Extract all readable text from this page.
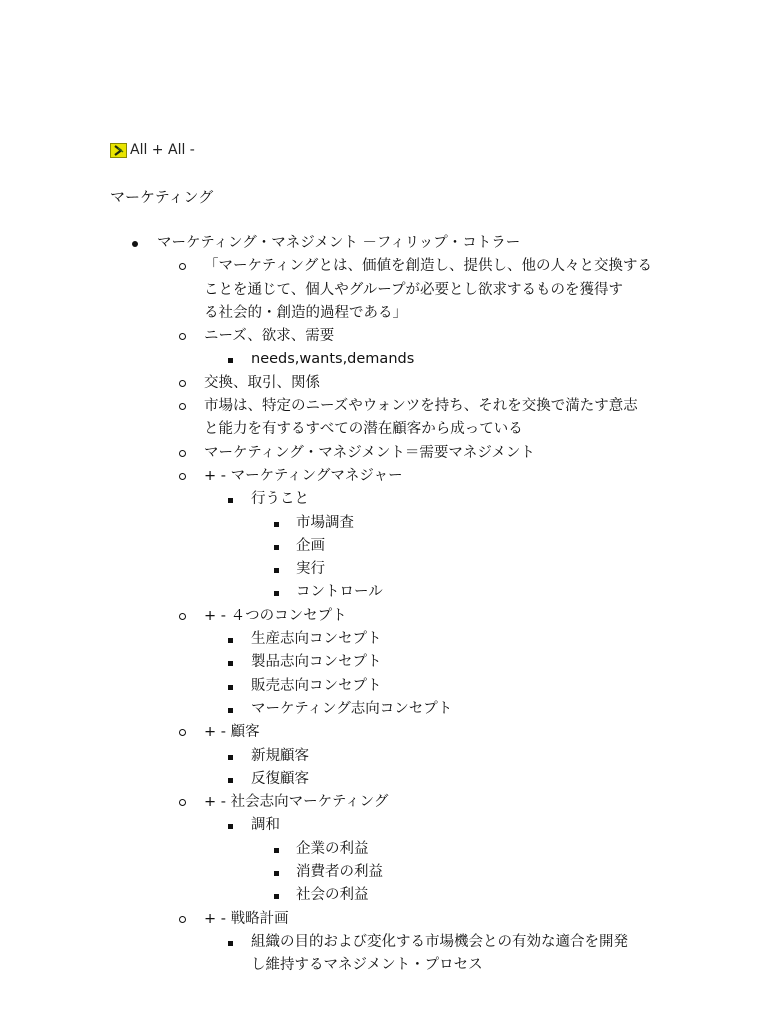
All +
All -
マーケティング
マーケティング・マネジメント －フィリップ・コトラー
「マーケティングとは、価値を創造し、提供し、他の人々と交換する
ことを通じて、個人やグループが必要とし欲求するものを獲得す
る社会的・創造的過程である」
ニーズ、欲求、需要
needs,wants,demands
交換、取引、関係
市場は、特定のニーズやウォンツを持ち、それを交換で満たす意志
と能力を有するすべての潜在顧客から成っている
マーケティング・マネジメント＝需要マネジメント
+ - マーケティングマネジャー
行うこと
市場調査
企画
実行
コントロール
+ - ４つのコンセプト
生産志向コンセプト
製品志向コンセプト
販売志向コンセプト
マーケティング志向コンセプト
+ - 顧客
新規顧客
反復顧客
+ - 社会志向マーケティング
調和
企業の利益
消費者の利益
社会の利益
+ - 戦略計画
組織の目的および変化する市場機会との有効な適合を開発
し維持するマネジメント・プロセス
